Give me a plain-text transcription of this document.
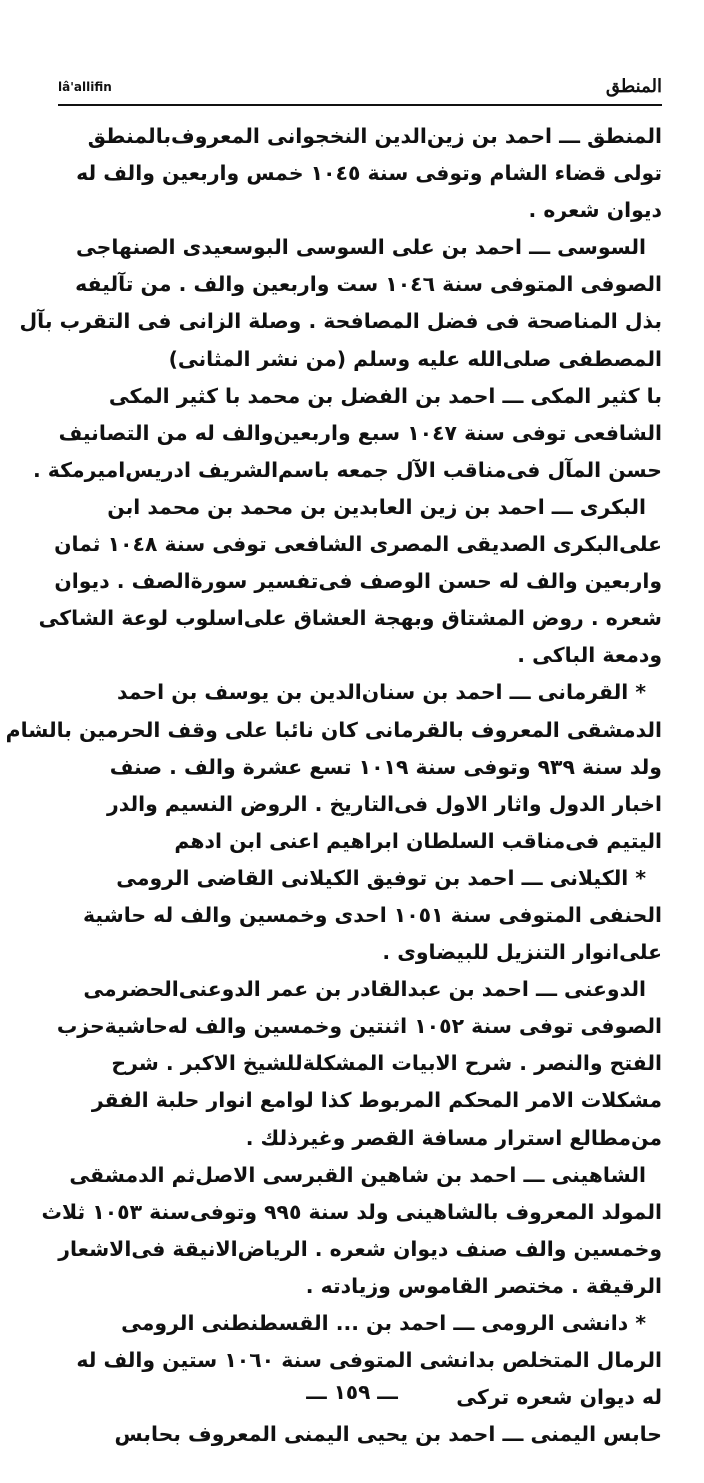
lâ'allifin	المنطق
المنطق ـــ احمد بن زين‌الدين النخجوانى المعروف‌بالمنطق
تولى قضاء الشام وتوفى سنة ١٠٤٥ خمس واربعين والف له
ديوان شعره .
السوسى ـــ احمد بن على السوسى البوسعيدى الصنهاجى
الصوفى المتوفى سنة ١٠٤٦ ست واربعين والف . من تآليفه
بذل المناصحة فى فضل المصافحة . وصلة الزانى فى التقرب بآل
المصطفى صلى‌الله عليه وسلم (من نشر المثانى)
با كثير المكى ـــ احمد بن الفضل بن محمد با كثير المكى
الشافعى توفى سنة ١٠٤٧ سبع واربعين‌والف له من التصانيف
حسن المآل فى‌مناقب الآل جمعه باسم‌الشريف ادريس‌اميرمكة .
البكرى ـــ احمد بن زين العابدين بن محمد بن محمد ابن
على‌البكرى الصديقى المصرى الشافعى توفى سنة ١٠٤٨ ثمان
واربعين والف له حسن الوصف فى‌تفسير سورة‌الصف . ديوان
شعره . روض المشتاق وبهجة العشاق على‌اسلوب لوعة الشاكى
ودمعة الباكى .
* القرمانى ـــ احمد بن سنان‌الدين بن يوسف بن احمد
الدمشقى المعروف بالقرمانى كان نائبا على وقف الحرمين بالشام
ولد سنة ٩٣٩ وتوفى سنة ١٠١٩ تسع عشرة والف . صنف
اخبار الدول واثار الاول فى‌التاريخ . الروض النسيم والدر
اليتيم فى‌مناقب السلطان ابراهيم اعنى ابن ادهم
* الكيلانى ـــ احمد بن توفيق الكيلانى القاضى الرومى
الحنفى المتوفى سنة ١٠٥١ احدى وخمسين والف له حاشية
على‌انوار التنزيل للبيضاوى .
الدوعنى ـــ احمد بن عبدالقادر بن عمر الدوعنى‌الحضرمى
الصوفى توفى سنة ١٠٥٢ اثنتين وخمسين والف له‌حاشية‌حزب
الفتح والنصر . شرح الابيات المشكلة‌للشيخ الاكبر . شرح
مشكلات الامر المحكم المربوط كذا لوامع انوار حلبة الفقر
من‌مطالع استرار مسافة القصر وغيرذلك .
الشاهينى ـــ احمد بن شاهين القبرسى الاصل‌ثم الدمشقى
المولد المعروف بالشاهينى ولد سنة ٩٩٥ وتوفى‌سنة ١٠٥٣ ثلاث
وخمسين والف صنف ديوان شعره . الرياض‌الانيقة فى‌الاشعار
الرقيقة . مختصر القاموس وزيادته .
* دانشى الرومى ـــ احمد بن ... القسطنطنى الرومى
الرمال المتخلص بدانشى المتوفى سنة ١٠٦٠ ستين والف له
له ديوان شعره تركى
حابس اليمنى ـــ احمد بن يحيى اليمنى المعروف بحابس
ـــ ١٥٩ ـــ
